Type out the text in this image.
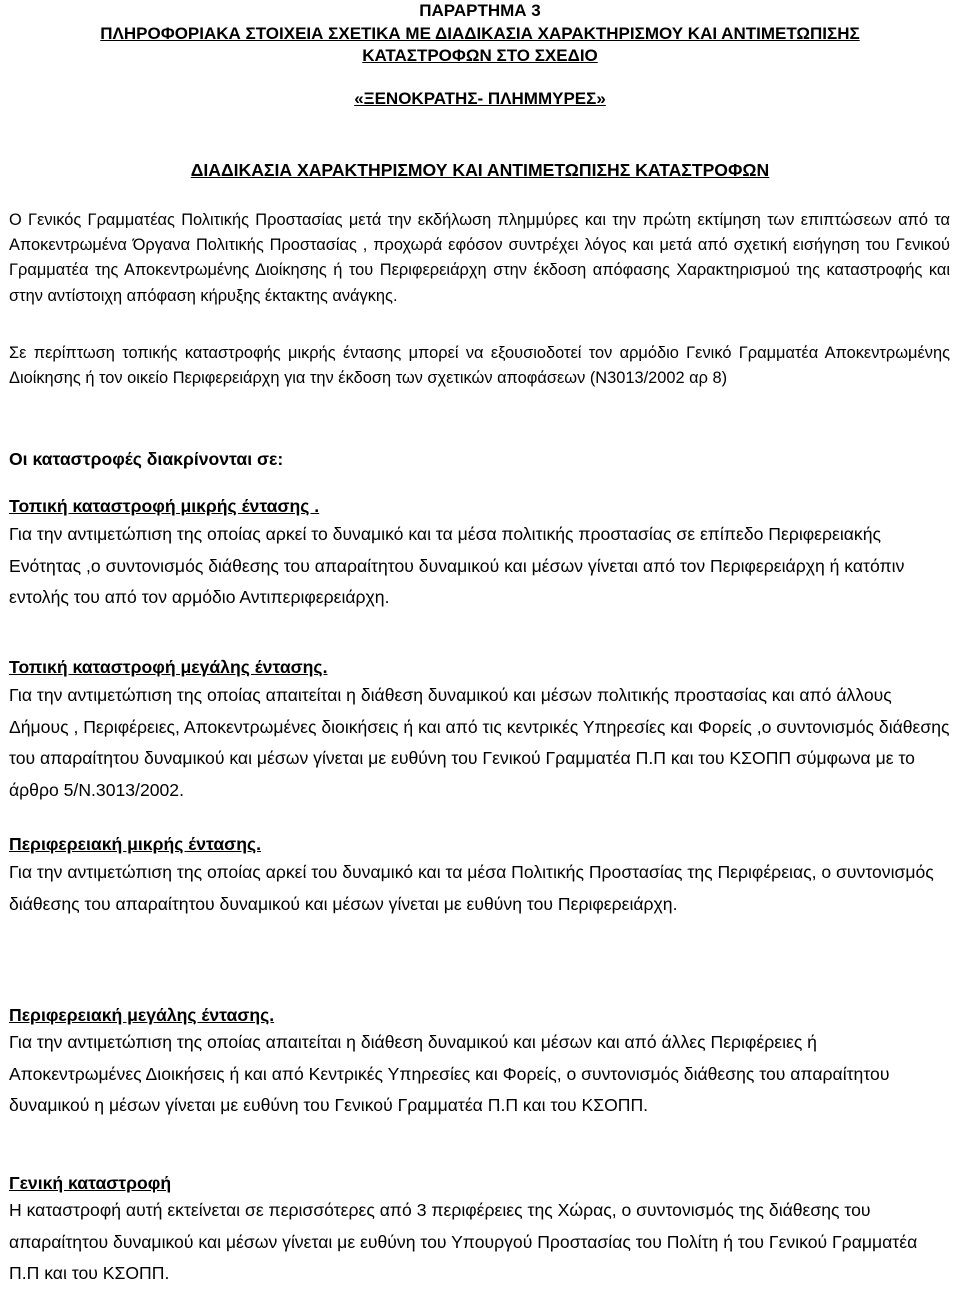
ΠΑΡΑΡΤΗΜΑ 3

ΠΛΗΡΟΦΟΡΙΑΚΑ ΣΤΟΙΧΕΙΑ ΣΧΕΤΙΚΑ ΜΕ ΔΙΑΔΙΚΑΣΙΑ ΧΑΡΑΚΤΗΡΙΣΜΟΥ ΚΑΙ ΑΝΤΙΜΕΤΩΠΙΣΗΣ

ΚΑΤΑΣΤΡΟΦΩΝ ΣΤΟ ΣΧΕΔΙΟ

«ΞΕΝΟΚΡΑΤΗΣ- ΠΛΗΜΜΥΡΕΣ»

ΔΙΑΔΙΚΑΣΙΑ ΧΑΡΑΚΤΗΡΙΣΜΟΥ ΚΑΙ ΑΝΤΙΜΕΤΩΠΙΣΗΣ ΚΑΤΑΣΤΡΟΦΩΝ

Ο Γενικός Γραμματέας Πολιτικής Προστασίας μετά την εκδήλωση πλημμύρες και την πρώτη εκτίμηση των επιπτώσεων από τα Αποκεντρωμένα Όργανα Πολιτικής Προστασίας , προχωρά εφόσον συντρέχει λόγος και μετά από σχετική εισήγηση του Γενικού Γραμματέα της Αποκεντρωμένης Διοίκησης ή του Περιφερειάρχη στην έκδοση απόφασης Χαρακτηρισμού της καταστροφής και στην αντίστοιχη απόφαση κήρυξης έκτακτης ανάγκης.

Σε περίπτωση τοπικής καταστροφής μικρής έντασης μπορεί να εξουσιοδοτεί τον αρμόδιο Γενικό Γραμματέα Αποκεντρωμένης Διοίκησης ή τον οικείο Περιφερειάρχη για την έκδοση των σχετικών αποφάσεων (Ν3013/2002 αρ 8)

Οι καταστροφές διακρίνονται σε:

Τοπική καταστροφή μικρής έντασης .

Για την αντιμετώπιση της οποίας αρκεί το δυναμικό και τα μέσα πολιτικής προστασίας σε επίπεδο Περιφερειακής Ενότητας ,ο συντονισμός διάθεσης του απαραίτητου δυναμικού και μέσων γίνεται από τον Περιφερειάρχη ή κατόπιν εντολής του από τον αρμόδιο Αντιπεριφερειάρχη.

Τοπική καταστροφή μεγάλης έντασης.

Για την αντιμετώπιση της οποίας απαιτείται η διάθεση δυναμικού και μέσων πολιτικής προστασίας και από άλλους Δήμους , Περιφέρειες, Αποκεντρωμένες διοικήσεις ή και από τις κεντρικές Υπηρεσίες και Φορείς ,ο συντονισμός διάθεσης του απαραίτητου δυναμικού και μέσων γίνεται με ευθύνη του Γενικού Γραμματέα Π.Π και του ΚΣΟΠΠ σύμφωνα με το άρθρο 5/Ν.3013/2002.

Περιφερειακή μικρής έντασης.

Για την αντιμετώπιση της οποίας αρκεί του δυναμικό και τα μέσα Πολιτικής Προστασίας της Περιφέρειας, ο συντονισμός διάθεσης του απαραίτητου δυναμικού και μέσων γίνεται με ευθύνη του Περιφερειάρχη.

Περιφερειακή μεγάλης έντασης.

Για την αντιμετώπιση της οποίας απαιτείται η διάθεση δυναμικού και μέσων και από άλλες Περιφέρειες ή Αποκεντρωμένες Διοικήσεις ή και από Κεντρικές Υπηρεσίες και Φορείς, ο συντονισμός διάθεσης του απαραίτητου δυναμικού η μέσων γίνεται με ευθύνη του Γενικού Γραμματέα Π.Π και του ΚΣΟΠΠ.

Γενική καταστροφή

Η καταστροφή αυτή εκτείνεται σε περισσότερες από 3 περιφέρειες της Χώρας, ο συντονισμός της διάθεσης του απαραίτητου δυναμικού και μέσων γίνεται με ευθύνη του Υπουργού Προστασίας του Πολίτη ή του Γενικού Γραμματέα Π.Π και του ΚΣΟΠΠ.
